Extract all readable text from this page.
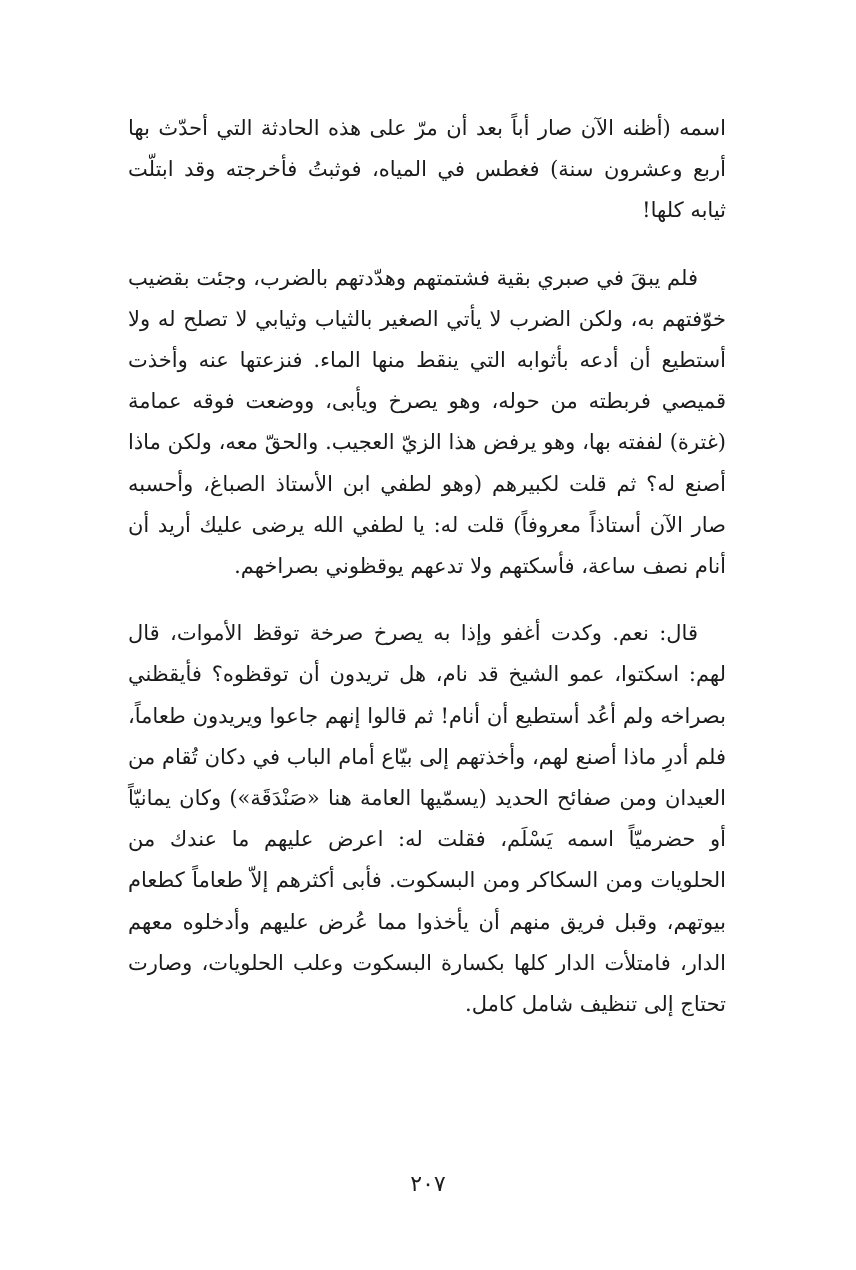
اسمه (أظنه الآن صار أباً بعد أن مرّ على هذه الحادثة التي أحدّث بها أربع وعشرون سنة) فغطس في المياه، فوثبتُ فأخرجته وقد ابتلّت ثيابه كلها!

فلم يبقَ في صبري بقية فشتمتهم وهدّدتهم بالضرب، وجئت بقضيب خوّفتهم به، ولكن الضرب لا يأتي الصغير بالثياب وثيابي لا تصلح له ولا أستطيع أن أدعه بأثوابه التي ينقط منها الماء. فنزعتها عنه وأخذت قميصي فربطته من حوله، وهو يصرخ ويأبى، ووضعت فوقه عمامة (غترة) لففته بها، وهو يرفض هذا الزيّ العجيب. والحقّ معه، ولكن ماذا أصنع له؟ ثم قلت لكبيرهم (وهو لطفي ابن الأستاذ الصباغ، وأحسبه صار الآن أستاذاً معروفاً) قلت له: يا لطفي الله يرضى عليك أريد أن أنام نصف ساعة، فأسكتهم ولا تدعهم يوقظوني بصراخهم.

قال: نعم. وكدت أغفو وإذا به يصرخ صرخة توقظ الأموات، قال لهم: اسكتوا، عمو الشيخ قد نام، هل تريدون أن توقظوه؟ فأيقظني بصراخه ولم أعُد أستطيع أن أنام! ثم قالوا إنهم جاعوا ويريدون طعاماً، فلم أدرِ ماذا أصنع لهم، وأخذتهم إلى بيّاع أمام الباب في دكان تُقام من العيدان ومن صفائح الحديد (يسمّيها العامة هنا «صَنْدَقَة») وكان يمانيّاً أو حضرميّاً اسمه يَسْلَم، فقلت له: اعرض عليهم ما عندك من الحلويات ومن السكاكر ومن البسكوت. فأبى أكثرهم إلاّ طعاماً كطعام بيوتهم، وقبل فريق منهم أن يأخذوا مما عُرض عليهم وأدخلوه معهم الدار، فامتلأت الدار كلها بكسارة البسكوت وعلب الحلويات، وصارت تحتاج إلى تنظيف شامل كامل.

٢٠٧
